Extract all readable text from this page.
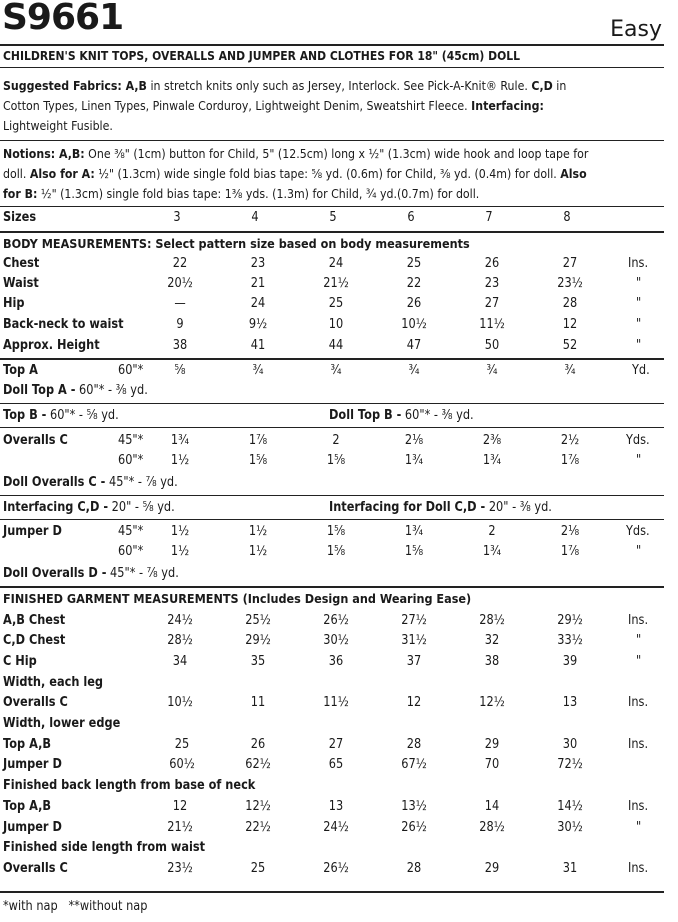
S9661	Easy
CHILDREN'S KNIT TOPS, OVERALLS AND JUMPER AND CLOTHES FOR 18" (45cm) DOLL
Suggested Fabrics: A,B in stretch knits only such as Jersey, Interlock. See Pick-A-Knit® Rule. C,D in Cotton Types, Linen Types, Pinwale Corduroy, Lightweight Denim, Sweatshirt Fleece. Interfacing: Lightweight Fusible.
Notions: A,B: One ⅜" (1cm) button for Child, 5" (12.5cm) long x ½" (1.3cm) wide hook and loop tape for doll. Also for A: ½" (1.3cm) wide single fold bias tape: ⅝ yd. (0.6m) for Child, ⅜ yd. (0.4m) for doll. Also for B: ½" (1.3cm) single fold bias tape: 1⅜ yds. (1.3m) for Child, ¾ yd.(0.7m) for doll.
Sizes	3	4	5	6	7	8
BODY MEASUREMENTS: Select pattern size based on body measurements
Chest	22	23	24	25	26	27	Ins.
Waist	20½	21	21½	22	23	23½	"
Hip	—	24	25	26	27	28	"
Back-neck to waist	9	9½	10	10½	11½	12	"
Approx. Height	38	41	44	47	50	52	"
Top A	60"*	⅝	¾	¾	¾	¾	¾	Yd.
Doll Top A - 60"* - ⅜ yd.
Top B - 60"* - ⅝ yd.	Doll Top B - 60"* - ⅜ yd.
Overalls C	45"*	1¾	1⅞	2	2⅛	2⅜	2½	Yds.
60"*	1½	1⅝	1⅝	1¾	1¾	1⅞	"
Doll Overalls C - 45"* - ⅞ yd.
Interfacing C,D - 20" - ⅝ yd.	Interfacing for Doll C,D - 20" - ⅜ yd.
Jumper D	45"*	1½	1½	1⅝	1¾	2	2⅛	Yds.
60"*	1½	1½	1⅝	1⅝	1¾	1⅞	"
Doll Overalls D - 45"* - ⅞ yd.
FINISHED GARMENT MEASUREMENTS (Includes Design and Wearing Ease)
A,B Chest	24½	25½	26½	27½	28½	29½	Ins.
C,D Chest	28½	29½	30½	31½	32	33½	"
C Hip	34	35	36	37	38	39	"
Width, each leg
Overalls C	10½	11	11½	12	12½	13	Ins.
Width, lower edge
Top A,B	25	26	27	28	29	30	Ins.
Jumper D	60½	62½	65	67½	70	72½
Finished back length from base of neck
Top A,B	12	12½	13	13½	14	14½	Ins.
Jumper D	21½	22½	24½	26½	28½	30½	"
Finished side length from waist
Overalls C	23½	25	26½	28	29	31	Ins.
*with nap   **without nap
